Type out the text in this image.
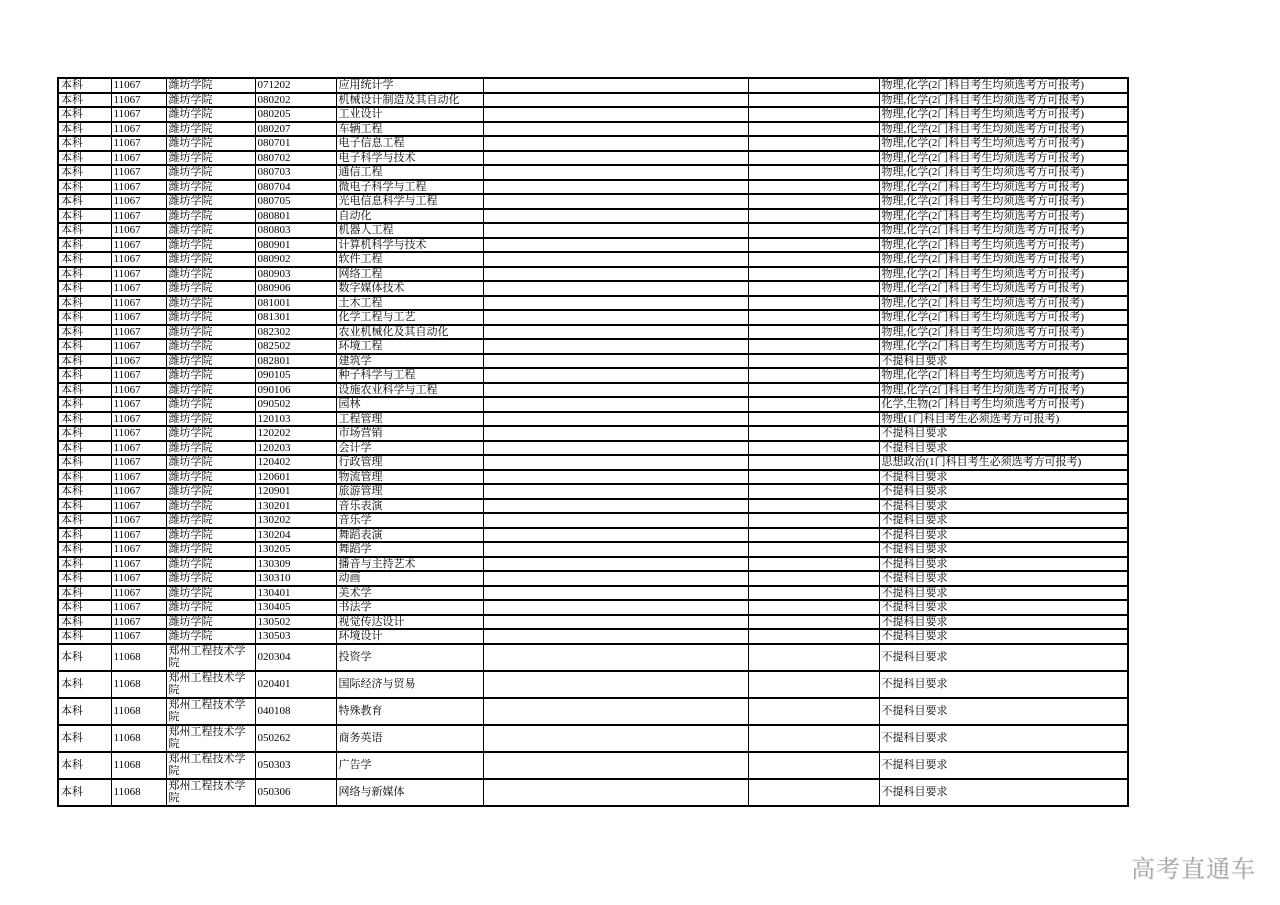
本科	11067	潍坊学院	071202	应用统计学			物理,化学(2门科目考生均须选考方可报考)
本科	11067	潍坊学院	080202	机械设计制造及其自动化			物理,化学(2门科目考生均须选考方可报考)
本科	11067	潍坊学院	080205	工业设计			物理,化学(2门科目考生均须选考方可报考)
本科	11067	潍坊学院	080207	车辆工程			物理,化学(2门科目考生均须选考方可报考)
本科	11067	潍坊学院	080701	电子信息工程			物理,化学(2门科目考生均须选考方可报考)
本科	11067	潍坊学院	080702	电子科学与技术			物理,化学(2门科目考生均须选考方可报考)
本科	11067	潍坊学院	080703	通信工程			物理,化学(2门科目考生均须选考方可报考)
本科	11067	潍坊学院	080704	微电子科学与工程			物理,化学(2门科目考生均须选考方可报考)
本科	11067	潍坊学院	080705	光电信息科学与工程			物理,化学(2门科目考生均须选考方可报考)
本科	11067	潍坊学院	080801	自动化			物理,化学(2门科目考生均须选考方可报考)
本科	11067	潍坊学院	080803	机器人工程			物理,化学(2门科目考生均须选考方可报考)
本科	11067	潍坊学院	080901	计算机科学与技术			物理,化学(2门科目考生均须选考方可报考)
本科	11067	潍坊学院	080902	软件工程			物理,化学(2门科目考生均须选考方可报考)
本科	11067	潍坊学院	080903	网络工程			物理,化学(2门科目考生均须选考方可报考)
本科	11067	潍坊学院	080906	数字媒体技术			物理,化学(2门科目考生均须选考方可报考)
本科	11067	潍坊学院	081001	土木工程			物理,化学(2门科目考生均须选考方可报考)
本科	11067	潍坊学院	081301	化学工程与工艺			物理,化学(2门科目考生均须选考方可报考)
本科	11067	潍坊学院	082302	农业机械化及其自动化			物理,化学(2门科目考生均须选考方可报考)
本科	11067	潍坊学院	082502	环境工程			物理,化学(2门科目考生均须选考方可报考)
本科	11067	潍坊学院	082801	建筑学			不提科目要求
本科	11067	潍坊学院	090105	种子科学与工程			物理,化学(2门科目考生均须选考方可报考)
本科	11067	潍坊学院	090106	设施农业科学与工程			物理,化学(2门科目考生均须选考方可报考)
本科	11067	潍坊学院	090502	园林			化学,生物(2门科目考生均须选考方可报考)
本科	11067	潍坊学院	120103	工程管理			物理(1门科目考生必须选考方可报考)
本科	11067	潍坊学院	120202	市场营销			不提科目要求
本科	11067	潍坊学院	120203	会计学			不提科目要求
本科	11067	潍坊学院	120402	行政管理			思想政治(1门科目考生必须选考方可报考)
本科	11067	潍坊学院	120601	物流管理			不提科目要求
本科	11067	潍坊学院	120901	旅游管理			不提科目要求
本科	11067	潍坊学院	130201	音乐表演			不提科目要求
本科	11067	潍坊学院	130202	音乐学			不提科目要求
本科	11067	潍坊学院	130204	舞蹈表演			不提科目要求
本科	11067	潍坊学院	130205	舞蹈学			不提科目要求
本科	11067	潍坊学院	130309	播音与主持艺术			不提科目要求
本科	11067	潍坊学院	130310	动画			不提科目要求
本科	11067	潍坊学院	130401	美术学			不提科目要求
本科	11067	潍坊学院	130405	书法学			不提科目要求
本科	11067	潍坊学院	130502	视觉传达设计			不提科目要求
本科	11067	潍坊学院	130503	环境设计			不提科目要求
本科	11068	郑州工程技术学院	020304	投资学			不提科目要求
本科	11068	郑州工程技术学院	020401	国际经济与贸易			不提科目要求
本科	11068	郑州工程技术学院	040108	特殊教育			不提科目要求
本科	11068	郑州工程技术学院	050262	商务英语			不提科目要求
本科	11068	郑州工程技术学院	050303	广告学			不提科目要求
本科	11068	郑州工程技术学院	050306	网络与新媒体			不提科目要求
高考直通车
